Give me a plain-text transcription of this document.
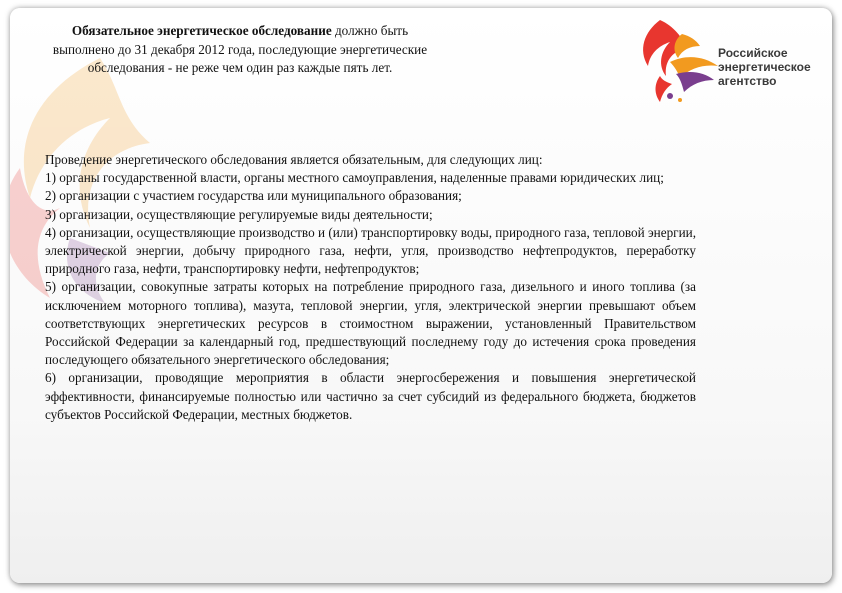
Обязательное энергетическое обследование должно быть выполнено до 31 декабря 2012 года, последующие энергетические обследования - не реже чем один раз каждые пять лет.
Российское
энергетическое
агентство

Проведение энергетического обследования является обязательным, для следующих лиц:

1) органы государственной власти, органы местного самоуправления, наделенные правами юридических лиц;

2) организации с участием государства или муниципального образования;

3) организации, осуществляющие регулируемые виды деятельности;

4) организации, осуществляющие производство и (или) транспортировку воды, природного газа, тепловой энергии, электрической энергии, добычу природного газа, нефти, угля, производство нефтепродуктов, переработку природного газа, нефти, транспортировку нефти, нефтепродуктов;

5) организации, совокупные затраты которых на потребление природного газа, дизельного и иного топлива (за исключением моторного топлива), мазута, тепловой энергии, угля, электрической энергии превышают объем соответствующих энергетических ресурсов в стоимостном выражении, установленный Правительством Российской Федерации за календарный год, предшествующий последнему году до истечения срока проведения последующего обязательного энергетического обследования;

6) организации, проводящие мероприятия в области энергосбережения и повышения энергетической эффективности, финансируемые полностью или частично за счет субсидий из федерального бюджета, бюджетов субъектов Российской Федерации, местных бюджетов.
